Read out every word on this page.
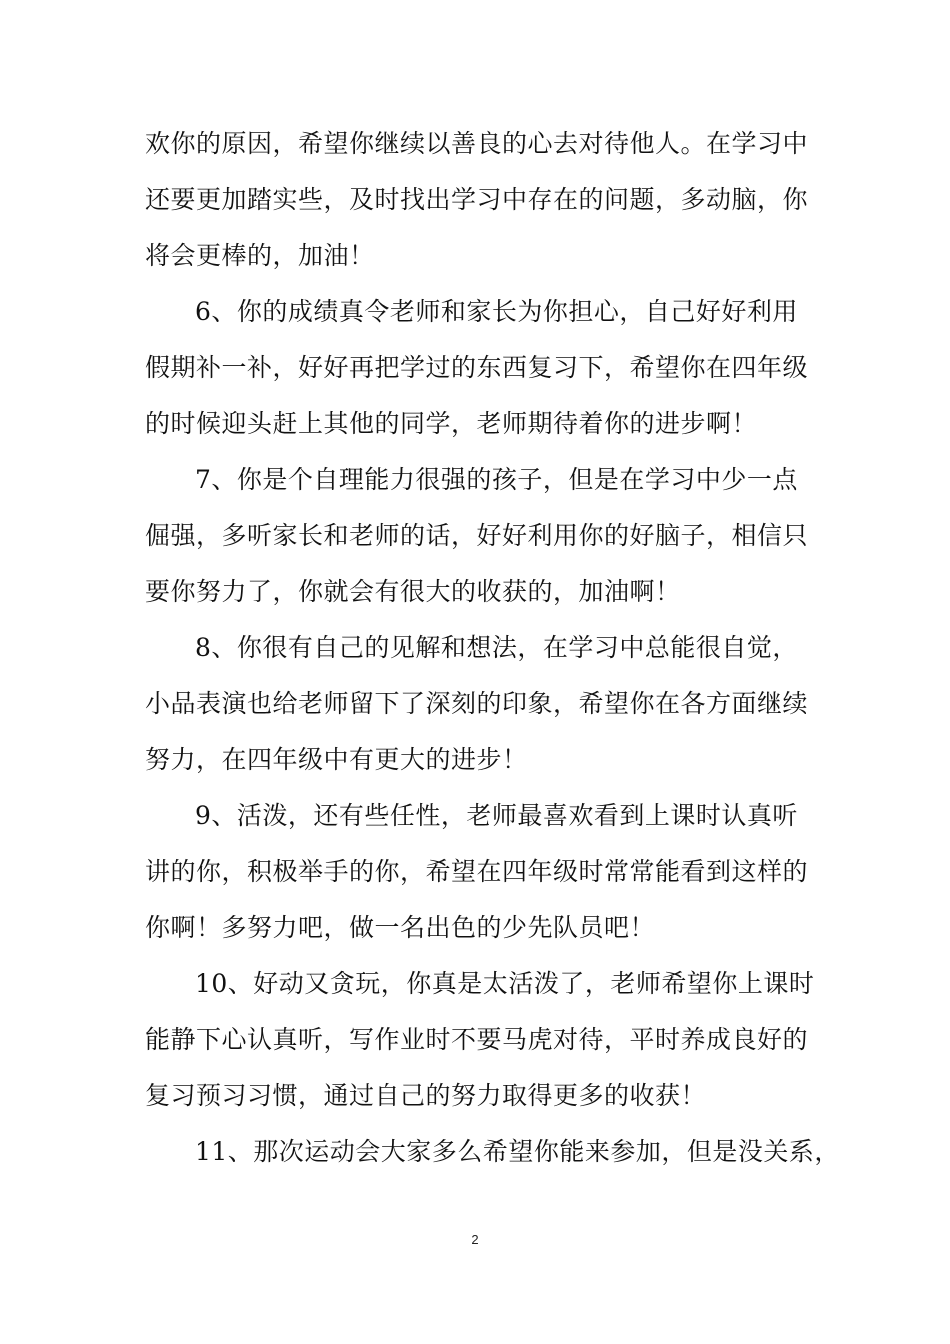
欢你的原因，希望你继续以善良的心去对待他人。在学习中
还要更加踏实些，及时找出学习中存在的问题，多动脑，你
将会更棒的，加油！
6、你的成绩真令老师和家长为你担心，自己好好利用
假期补一补，好好再把学过的东西复习下，希望你在四年级
的时候迎头赶上其他的同学，老师期待着你的进步啊！
7、你是个自理能力很强的孩子，但是在学习中少一点
倔强，多听家长和老师的话，好好利用你的好脑子，相信只
要你努力了，你就会有很大的收获的，加油啊！
8、你很有自己的见解和想法，在学习中总能很自觉，
小品表演也给老师留下了深刻的印象，希望你在各方面继续
努力，在四年级中有更大的进步！
9、活泼，还有些任性，老师最喜欢看到上课时认真听
讲的你，积极举手的你，希望在四年级时常常能看到这样的
你啊！多努力吧，做一名出色的少先队员吧！
10、好动又贪玩，你真是太活泼了，老师希望你上课时
能静下心认真听，写作业时不要马虎对待，平时养成良好的
复习预习习惯，通过自己的努力取得更多的收获！
11、那次运动会大家多么希望你能来参加，但是没关系，
2
